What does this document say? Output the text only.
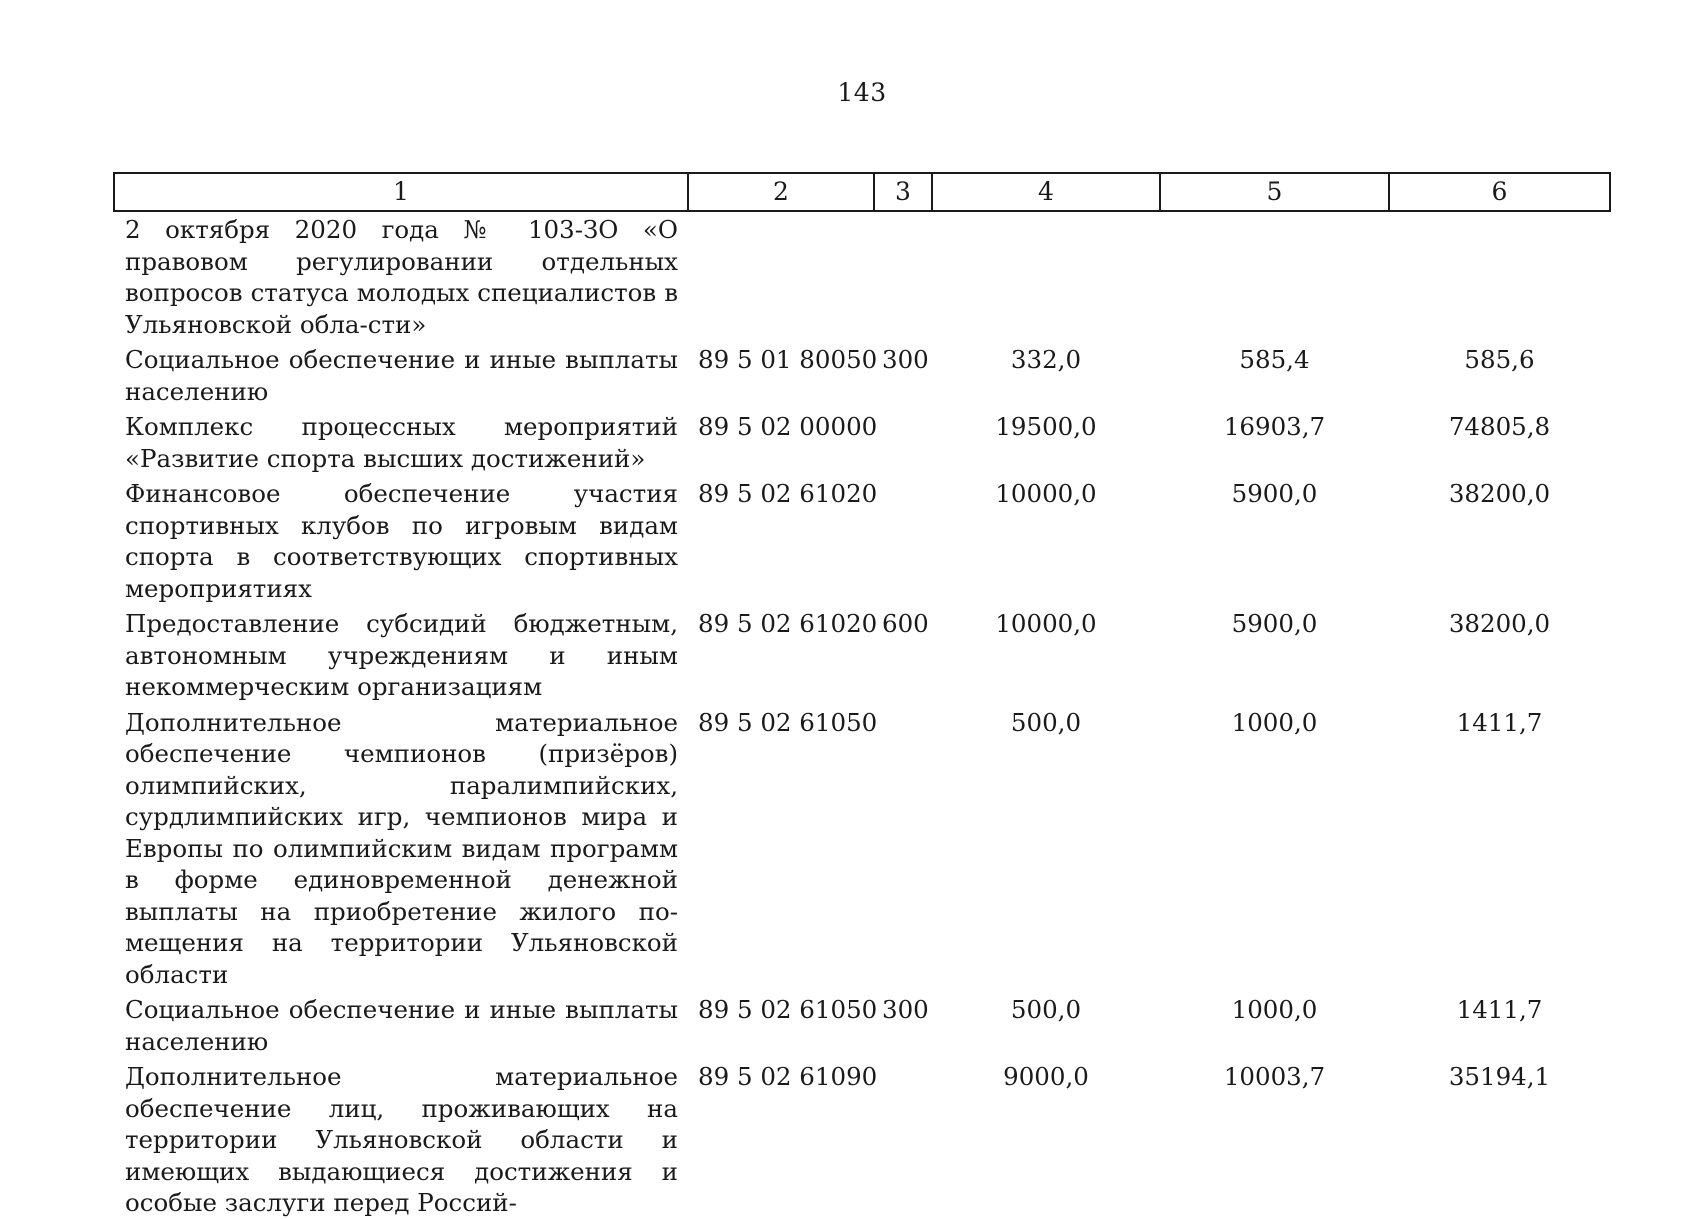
143
1	2	3	4	5	6
2 октября 2020 года № 103-ЗО «О правовом регулировании отдельных вопросов статуса молодых специалистов в Ульяновской обла-сти»					
Социальное обеспечение и иные выплаты населению	89 5 01 80050	300	332,0	585,4	585,6
Комплекс процессных мероприятий «Развитие спорта высших достижений»	89 5 02 00000		19500,0	16903,7	74805,8
Финансовое обеспечение участия спортивных клубов по игровым видам спорта в соответствующих спортивных мероприятиях	89 5 02 61020		10000,0	5900,0	38200,0
Предоставление субсидий бюджетным, автономным учреждениям и иным некоммерческим организациям	89 5 02 61020	600	10000,0	5900,0	38200,0
Дополнительное материальное обеспечение чемпионов (призёров) олимпийских, паралимпийских, сурдлимпийских игр, чемпионов мира и Европы по олимпийским видам программ в форме единовременной денежной выплаты на приобретение жилого помещения на территории Ульяновской области	89 5 02 61050		500,0	1000,0	1411,7
Социальное обеспечение и иные выплаты населению	89 5 02 61050	300	500,0	1000,0	1411,7
Дополнительное материальное обеспечение лиц, проживающих на территории Ульяновской области и имеющих выдающиеся достижения и особые заслуги перед Россий-	89 5 02 61090		9000,0	10003,7	35194,1
